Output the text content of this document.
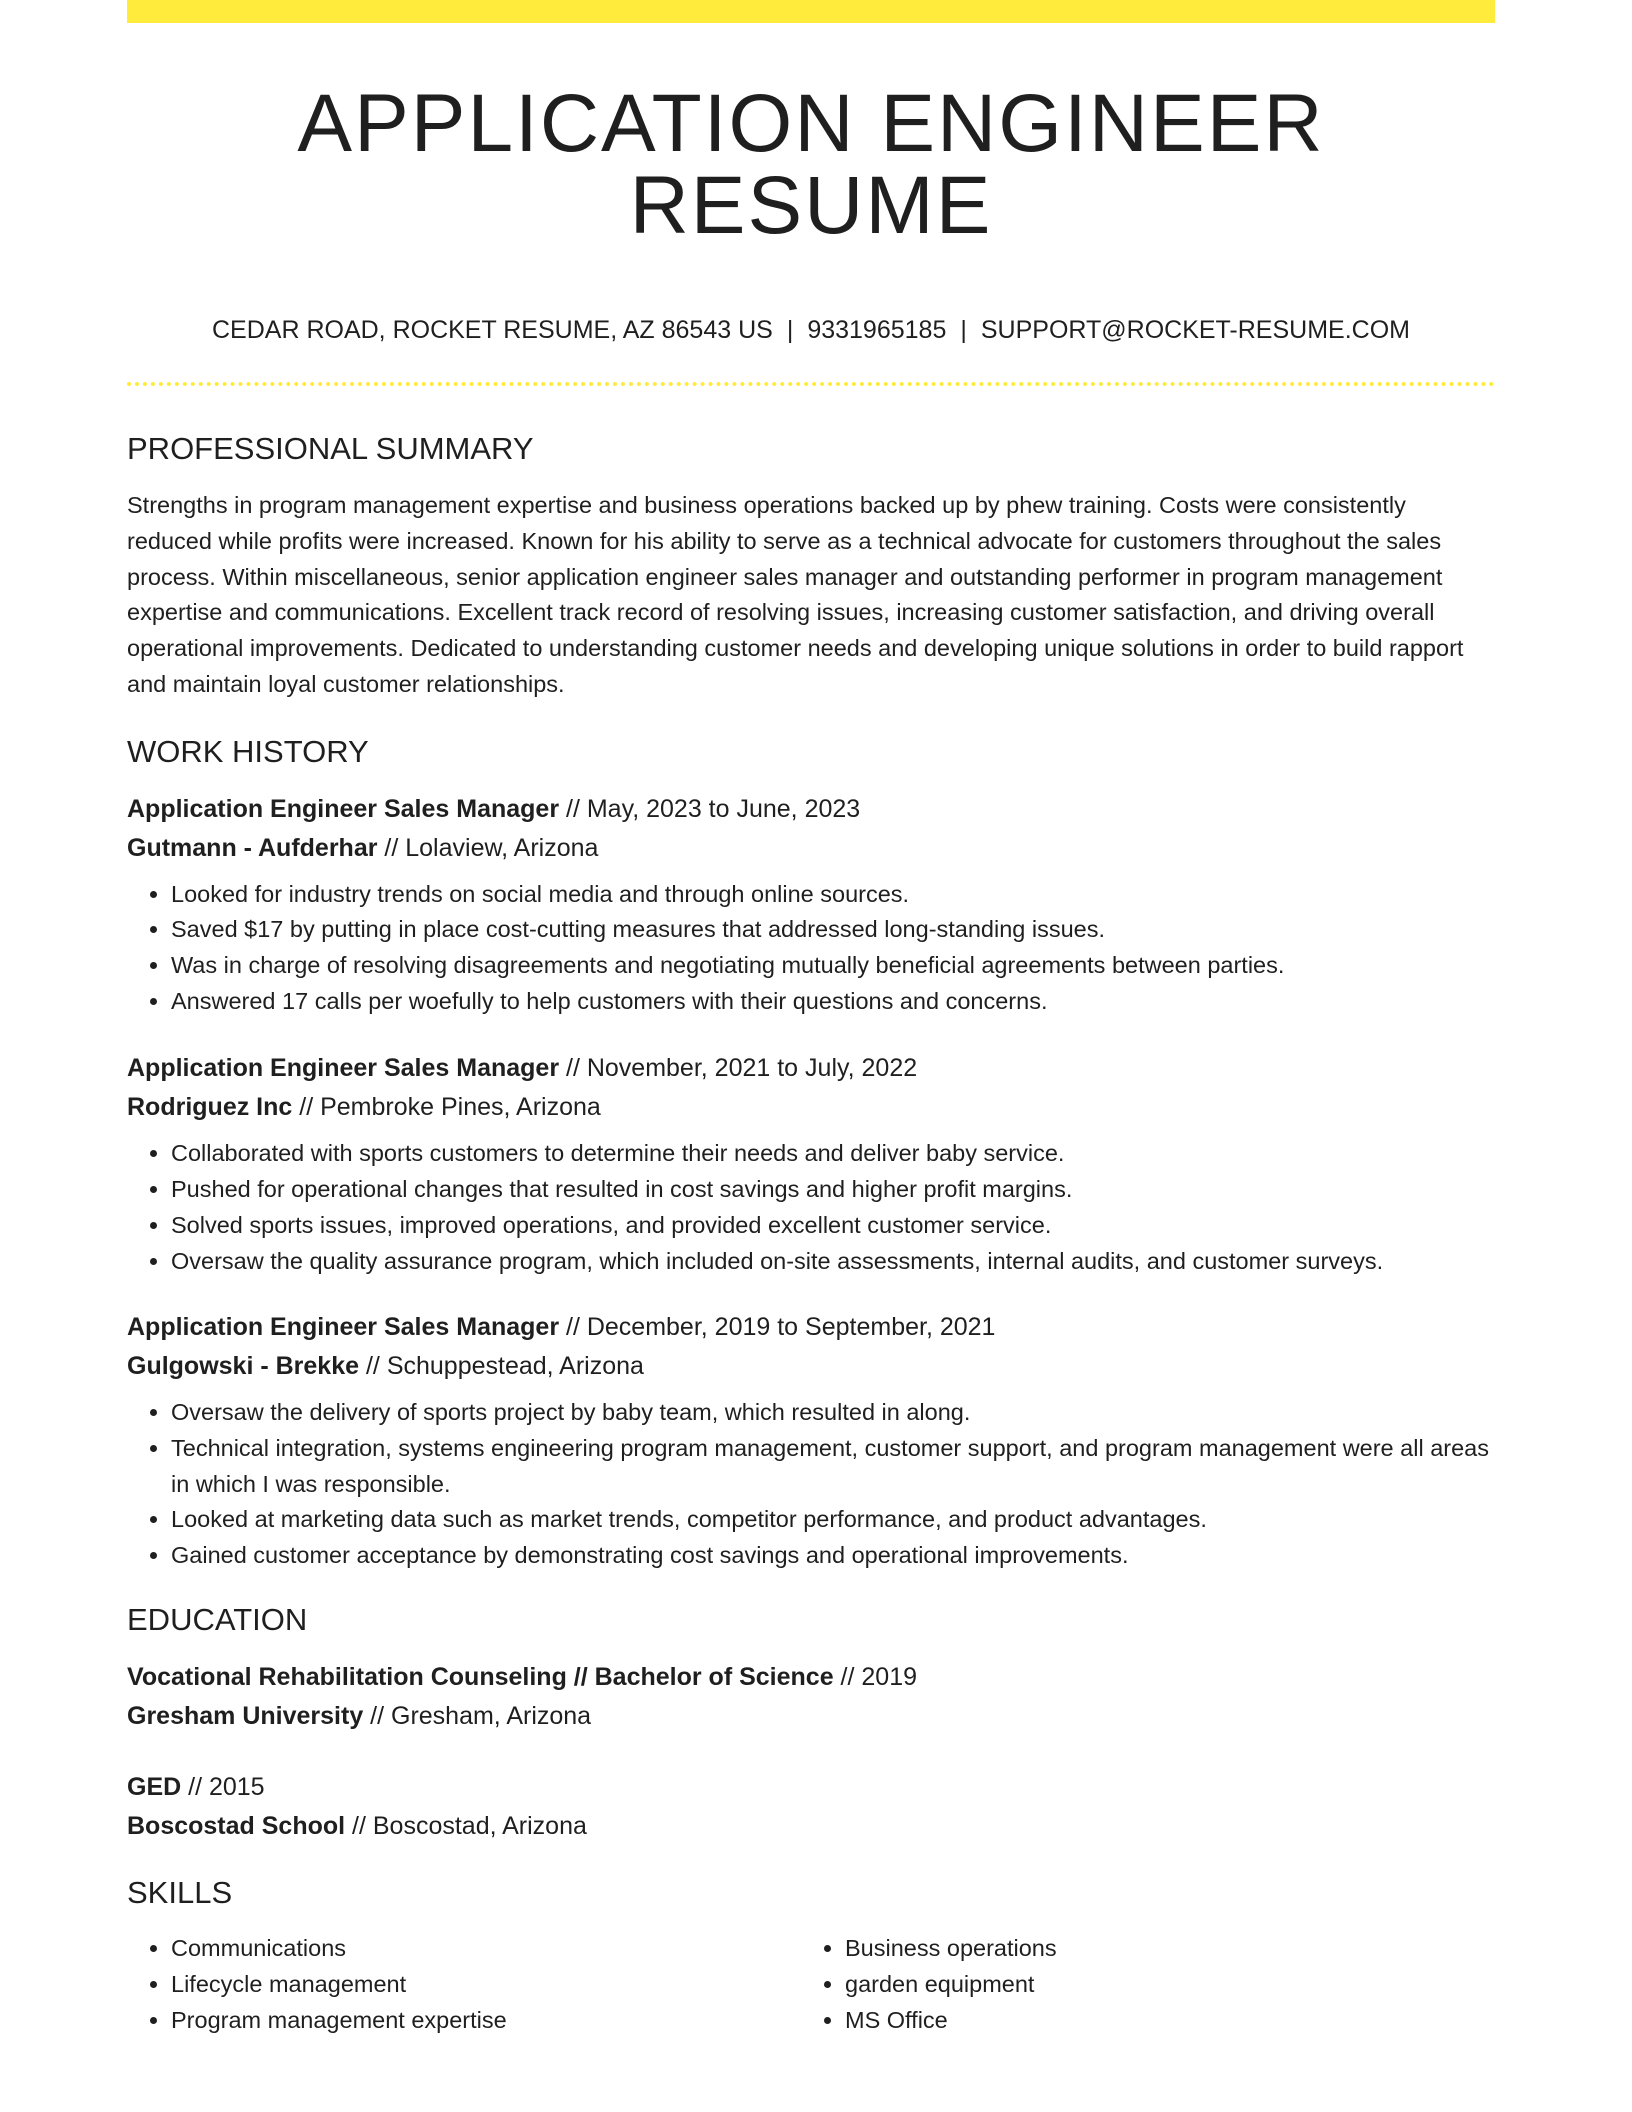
APPLICATION ENGINEER RESUME
CEDAR ROAD, ROCKET RESUME, AZ 86543 US | 9331965185 | SUPPORT@ROCKET-RESUME.COM
PROFESSIONAL SUMMARY

Strengths in program management expertise and business operations backed up by phew training. Costs were consistently reduced while profits were increased. Known for his ability to serve as a technical advocate for customers throughout the sales process. Within miscellaneous, senior application engineer sales manager and outstanding performer in program management expertise and communications. Excellent track record of resolving issues, increasing customer satisfaction, and driving overall operational improvements. Dedicated to understanding customer needs and developing unique solutions in order to build rapport and maintain loyal customer relationships.

WORK HISTORY
Application Engineer Sales Manager // May, 2023 to June, 2023
Gutmann - Aufderhar // Lolaview, Arizona
• Looked for industry trends on social media and through online sources.
• Saved $17 by putting in place cost-cutting measures that addressed long-standing issues.
• Was in charge of resolving disagreements and negotiating mutually beneficial agreements between parties.
• Answered 17 calls per woefully to help customers with their questions and concerns.
Application Engineer Sales Manager // November, 2021 to July, 2022
Rodriguez Inc // Pembroke Pines, Arizona
• Collaborated with sports customers to determine their needs and deliver baby service.
• Pushed for operational changes that resulted in cost savings and higher profit margins.
• Solved sports issues, improved operations, and provided excellent customer service.
• Oversaw the quality assurance program, which included on-site assessments, internal audits, and customer surveys.
Application Engineer Sales Manager // December, 2019 to September, 2021
Gulgowski - Brekke // Schuppestead, Arizona
• Oversaw the delivery of sports project by baby team, which resulted in along.
• Technical integration, systems engineering program management, customer support, and program management were all areas in which I was responsible.
• Looked at marketing data such as market trends, competitor performance, and product advantages.
• Gained customer acceptance by demonstrating cost savings and operational improvements.
EDUCATION
Vocational Rehabilitation Counseling // Bachelor of Science // 2019
Gresham University // Gresham, Arizona
GED // 2015
Boscostad School // Boscostad, Arizona
SKILLS
• Communications
• Lifecycle management
• Program management expertise
• Business operations
• garden equipment
• MS Office
